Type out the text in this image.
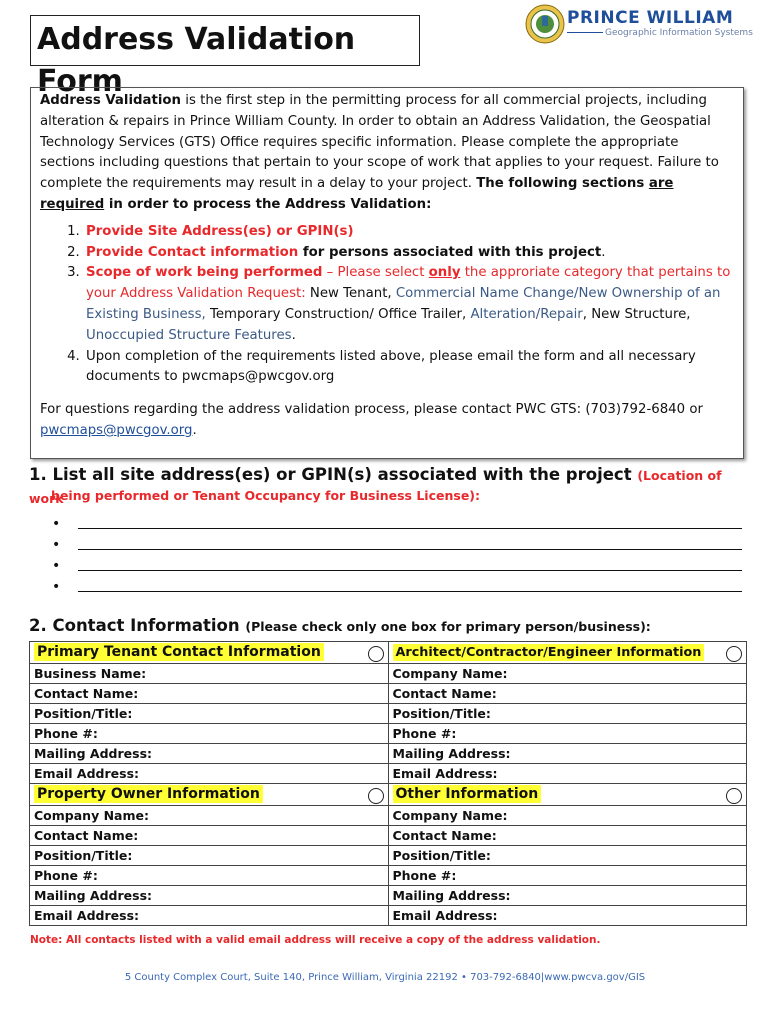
Address Validation Form
PRINCE WILLIAM
Geographic Information Systems

Address Validation is the first step in the permitting process for all commercial projects, including alteration & repairs in Prince William County. In order to obtain an Address Validation, the Geospatial Technology Services (GTS) Office requires specific information. Please complete the appropriate sections including questions that pertain to your scope of work that applies to your request. Failure to complete the requirements may result in a delay to your project. The following sections are required in order to process the Address Validation:

1. Provide Site Address(es) or GPIN(s)
2. Provide Contact information for persons associated with this project.
3. Scope of work being performed – Please select only the approriate category that pertains to your Address Validation Request: New Tenant, Commercial Name Change/New Ownership of an Existing Business, Temporary Construction/ Office Trailer, Alteration/Repair, New Structure, Unoccupied Structure Features.
4. Upon completion of the requirements listed above, please email the form and all necessary documents to pwcmaps@pwcgov.org

For questions regarding the address validation process, please contact PWC GTS: (703)792-6840 or pwcmaps@pwcgov.org.

1. List all site address(es) or GPIN(s) associated with the project (Location of work
being performed or Tenant Occupancy for Business License):
•
•
•
•
2. Contact Information (Please check only one box for primary person/business):
Primary Tenant Contact Information	Architect/Contractor/Engineer Information

Business Name:	Company Name:
Contact Name:	Contact Name:
Position/Title:	Position/Title:
Phone #:	Phone #:
Mailing Address:	Mailing Address:
Email Address:	Email Address:
Property Owner Information	Other Information

Company Name:	Company Name:
Contact Name:	Contact Name:
Position/Title:	Position/Title:
Phone #:	Phone #:
Mailing Address:	Mailing Address:
Email Address:	Email Address:
Note: All contacts listed with a valid email address will receive a copy of the address validation.
5 County Complex Court, Suite 140, Prince William, Virginia 22192 • 703-792-6840|www.pwcva.gov/GIS
